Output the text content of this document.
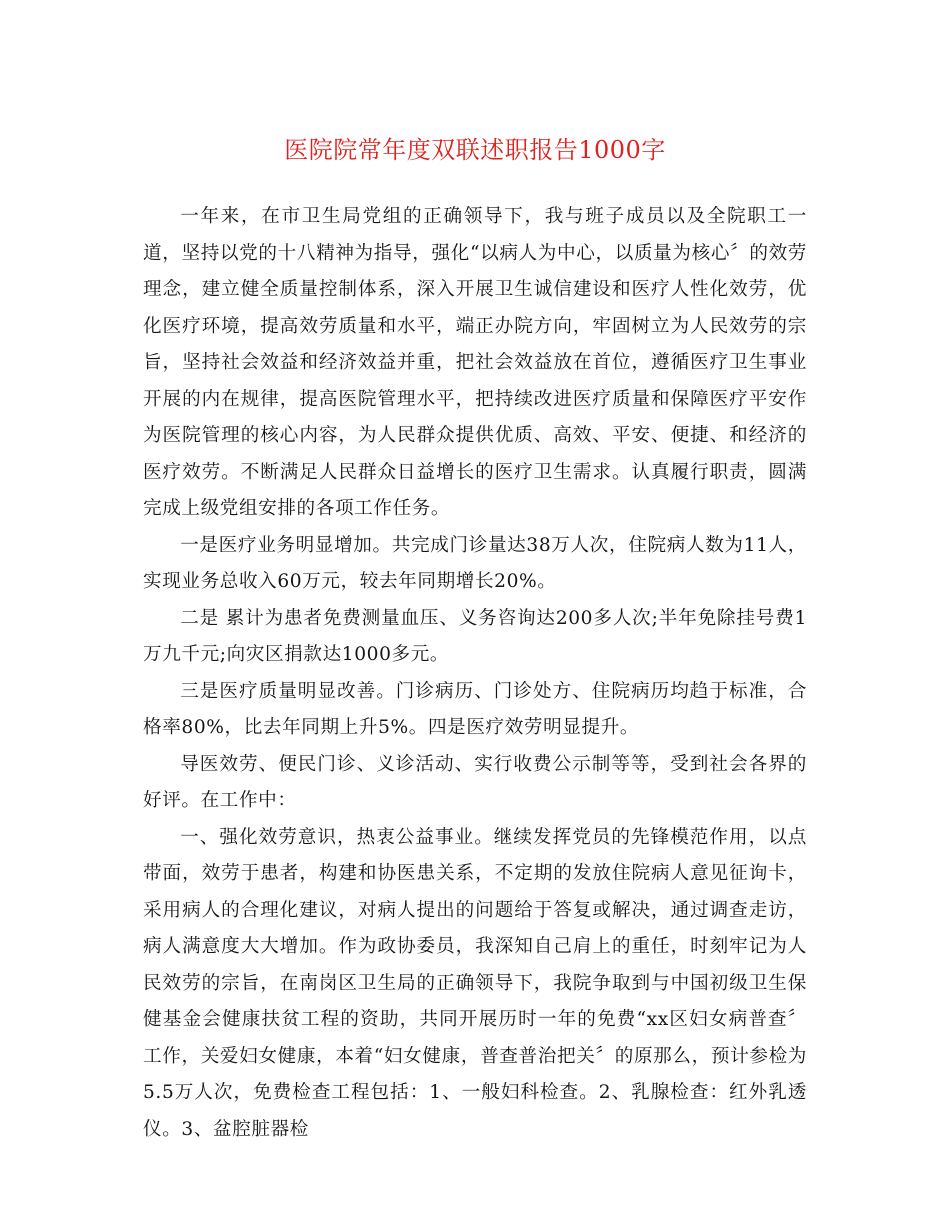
医院院常年度双联述职报告1000字

一年来，在市卫生局党组的正确领导下，我与班子成员以及全院职工一道，坚持以党的十八精神为指导，强化“以病人为中心，以质量为核心〞的效劳理念，建立健全质量控制体系，深入开展卫生诚信建设和医疗人性化效劳，优化医疗环境，提高效劳质量和水平，端正办院方向，牢固树立为人民效劳的宗旨，坚持社会效益和经济效益并重，把社会效益放在首位，遵循医疗卫生事业开展的内在规律，提高医院管理水平，把持续改进医疗质量和保障医疗平安作为医院管理的核心内容，为人民群众提供优质、高效、平安、便捷、和经济的医疗效劳。不断满足人民群众日益增长的医疗卫生需求。认真履行职责，圆满完成上级党组安排的各项工作任务。

一是医疗业务明显增加。共完成门诊量达38万人次，住院病人数为11人，实现业务总收入60万元，较去年同期增长20%。

二是 累计为患者免费测量血压、义务咨询达200多人次;半年免除挂号费1万九千元;向灾区捐款达1000多元。

三是医疗质量明显改善。门诊病历、门诊处方、住院病历均趋于标准，合格率80%，比去年同期上升5%。四是医疗效劳明显提升。

导医效劳、便民门诊、义诊活动、实行收费公示制等等，受到社会各界的好评。在工作中：

一、强化效劳意识，热衷公益事业。继续发挥党员的先锋模范作用，以点带面，效劳于患者，构建和协医患关系，不定期的发放住院病人意见征询卡，采用病人的合理化建议，对病人提出的问题给于答复或解决，通过调查走访，病人满意度大大增加。作为政协委员，我深知自己肩上的重任，时刻牢记为人民效劳的宗旨，在南岗区卫生局的正确领导下，我院争取到与中国初级卫生保健基金会健康扶贫工程的资助，共同开展历时一年的免费“xx区妇女病普查〞 工作，关爱妇女健康，本着“妇女健康，普查普治把关〞的原那么，预计参检为5.5万人次，免费检查工程包括：1、一般妇科检查。2、乳腺检查：红外乳透仪。3、盆腔脏器检
